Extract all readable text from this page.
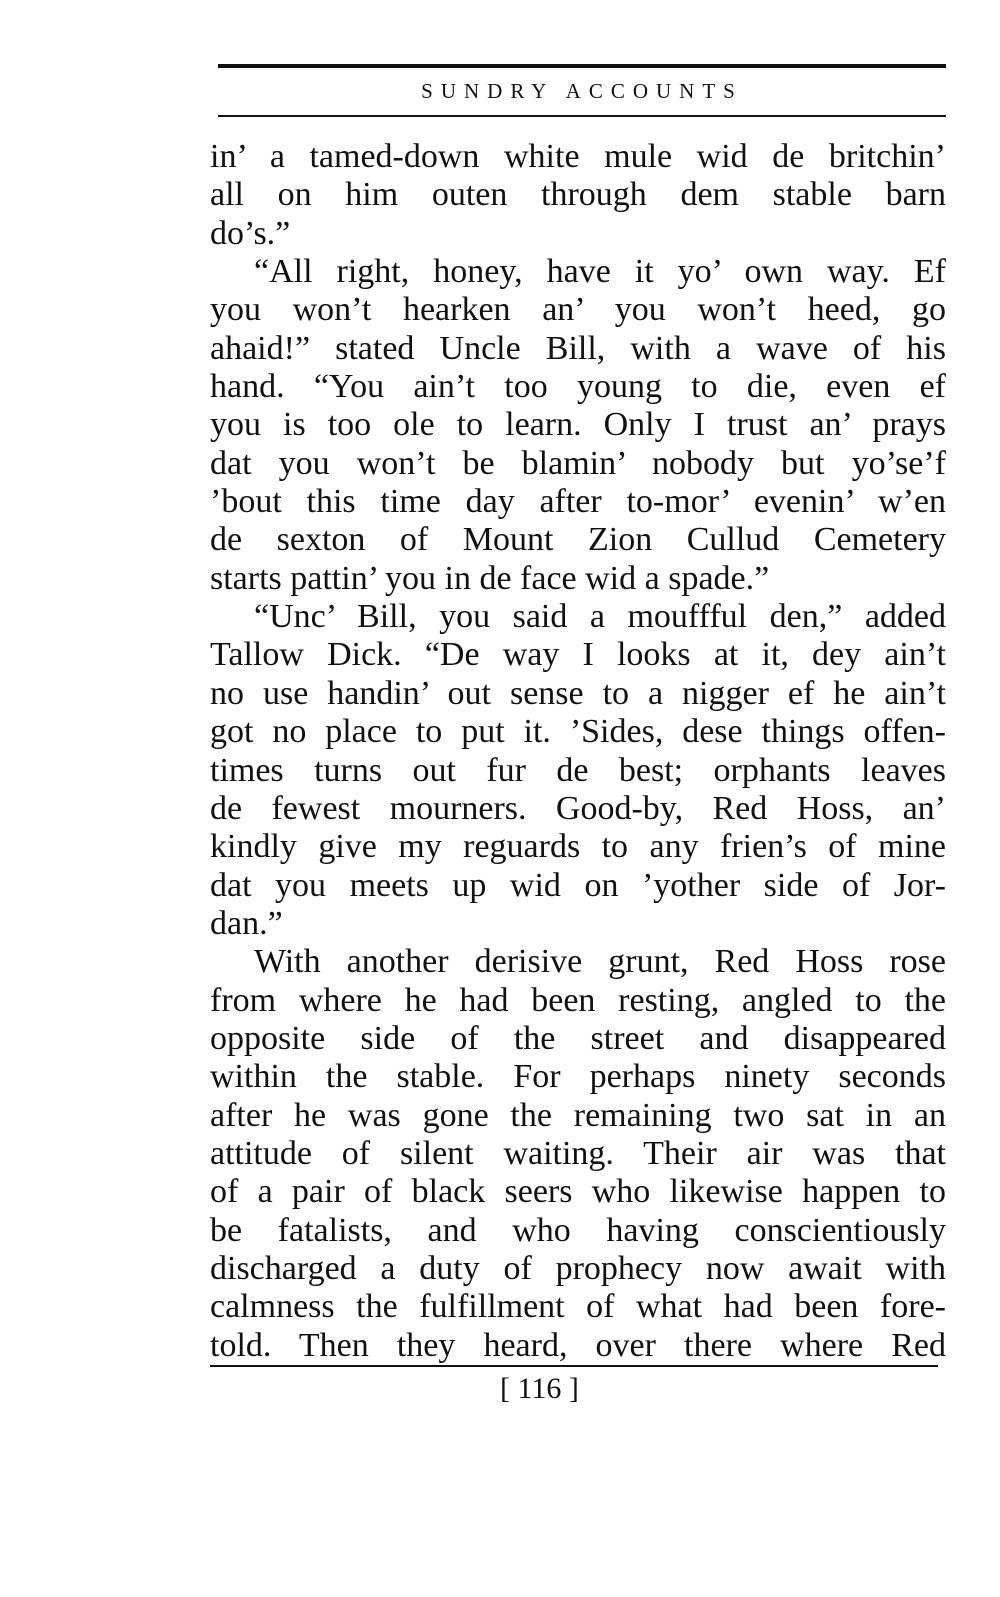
SUNDRY ACCOUNTS
in’ a tamed-down white mule wid de britchin’
all on him outen through dem stable barn
do’s.”
“All right, honey, have it yo’ own way. Ef
you won’t hearken an’ you won’t heed, go
ahaid!” stated Uncle Bill, with a wave of his
hand. “You ain’t too young to die, even ef
you is too ole to learn. Only I trust an’ prays
dat you won’t be blamin’ nobody but yo’se’f
’bout this time day after to-mor’ evenin’ w’en
de sexton of Mount Zion Cullud Cemetery
starts pattin’ you in de face wid a spade.”
“Unc’ Bill, you said a mouffful den,” added
Tallow Dick. “De way I looks at it, dey ain’t
no use handin’ out sense to a nigger ef he ain’t
got no place to put it. ’Sides, dese things offen-
times turns out fur de best; orphants leaves
de fewest mourners. Good-by, Red Hoss, an’
kindly give my reguards to any frien’s of mine
dat you meets up wid on ’yother side of Jor-
dan.”
With another derisive grunt, Red Hoss rose
from where he had been resting, angled to the
opposite side of the street and disappeared
within the stable. For perhaps ninety seconds
after he was gone the remaining two sat in an
attitude of silent waiting. Their air was that
of a pair of black seers who likewise happen to
be fatalists, and who having conscientiously
discharged a duty of prophecy now await with
calmness the fulfillment of what had been fore-
told. Then they heard, over there where Red
[ 116 ]
